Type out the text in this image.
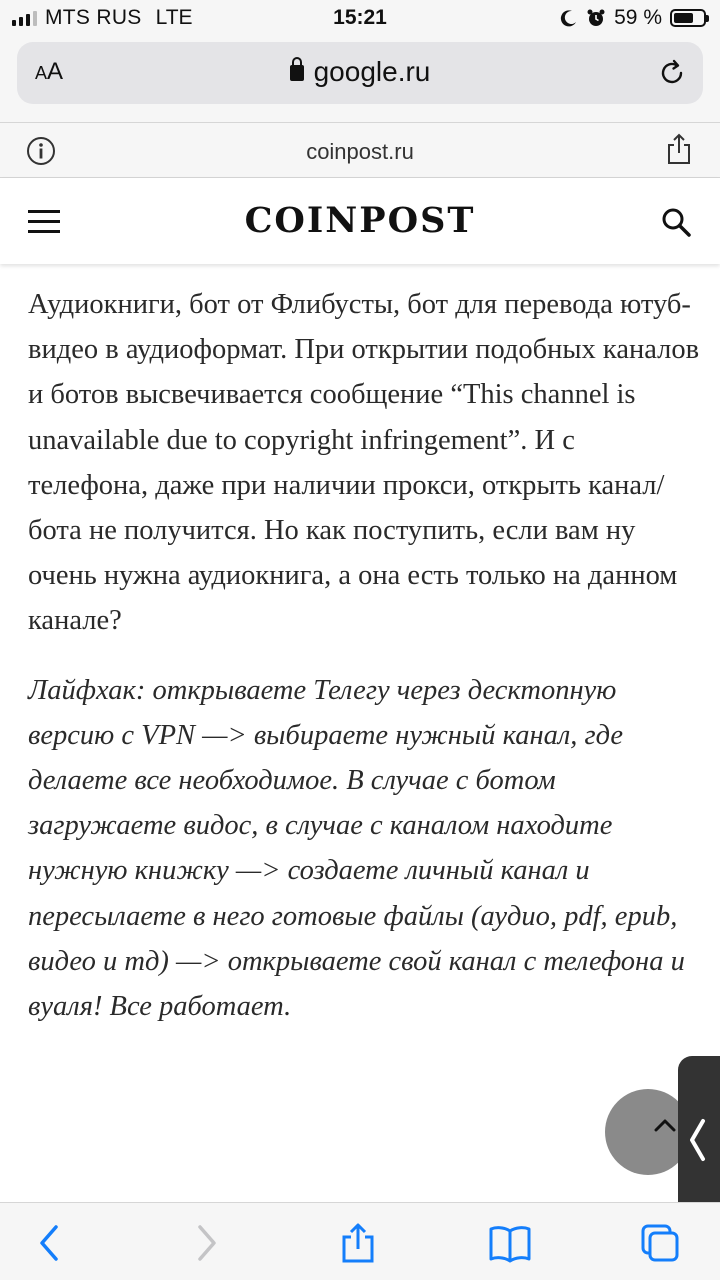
MTS RUS LTE	15:21	59 %
AA	google.ru
coinpost.ru
COINPOST

Аудиокниги, бот от Флибусты, бот для перевода ютуб-видео в аудиоформат. При открытии подобных каналов и ботов высвечивается сообщение “This channel is unavailable due to copyright infringement”. И с телефона, даже при наличии прокси, открыть канал/бота не получится. Но как поступить, если вам ну очень нужна аудиокнига, а она есть только на данном канале?

Лайфхак: открываете Телегу через десктопную версию с VPN —> выбираете нужный канал, где делаете все необходимое. В случае с ботом загружаете видос, в случае с каналом находите нужную книжку —> создаете личный канал и пересылаете в него готовые файлы (аудио, pdf, epub, видео и тд) —> открываете свой канал с телефона и вуаля! Все работает.
